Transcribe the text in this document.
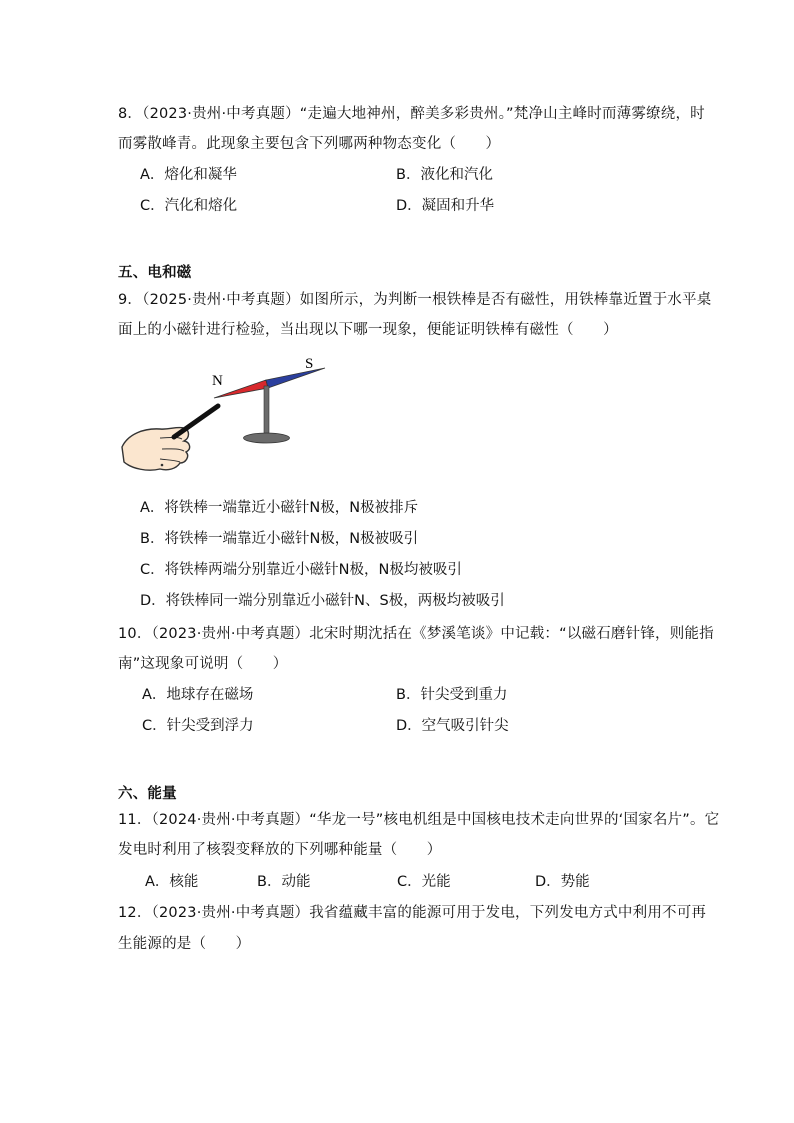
8．（2023·贵州·中考真题）“走遍大地神州，醉美多彩贵州。”梵净山主峰时而薄雾缭绕，时
而雾散峰青。此现象主要包含下列哪两种物态变化（　　）
A．熔化和凝华	B．液化和汽化
C．汽化和熔化	D．凝固和升华
五、电和磁
9．（2025·贵州·中考真题）如图所示，为判断一根铁棒是否有磁性，用铁棒靠近置于水平桌
面上的小磁针进行检验，当出现以下哪一现象，便能证明铁棒有磁性（　　）
N
S
A．将铁棒一端靠近小磁针N极，N极被排斥
B．将铁棒一端靠近小磁针N极，N极被吸引
C．将铁棒两端分别靠近小磁针N极，N极均被吸引
D．将铁棒同一端分别靠近小磁针N、S极，两极均被吸引
10．（2023·贵州·中考真题）北宋时期沈括在《梦溪笔谈》中记载：“以磁石磨针锋，则能指
南”这现象可说明（　　）
A．地球存在磁场	B．针尖受到重力
C．针尖受到浮力	D．空气吸引针尖
六、能量
11．（2024·贵州·中考真题）“华龙一号”核电机组是中国核电技术走向世界的‘国家名片”。它
发电时利用了核裂变释放的下列哪种能量（　　）
A．核能	B．动能	C．光能	D．势能
12．（2023·贵州·中考真题）我省蕴藏丰富的能源可用于发电，下列发电方式中利用不可再
生能源的是（　　）
